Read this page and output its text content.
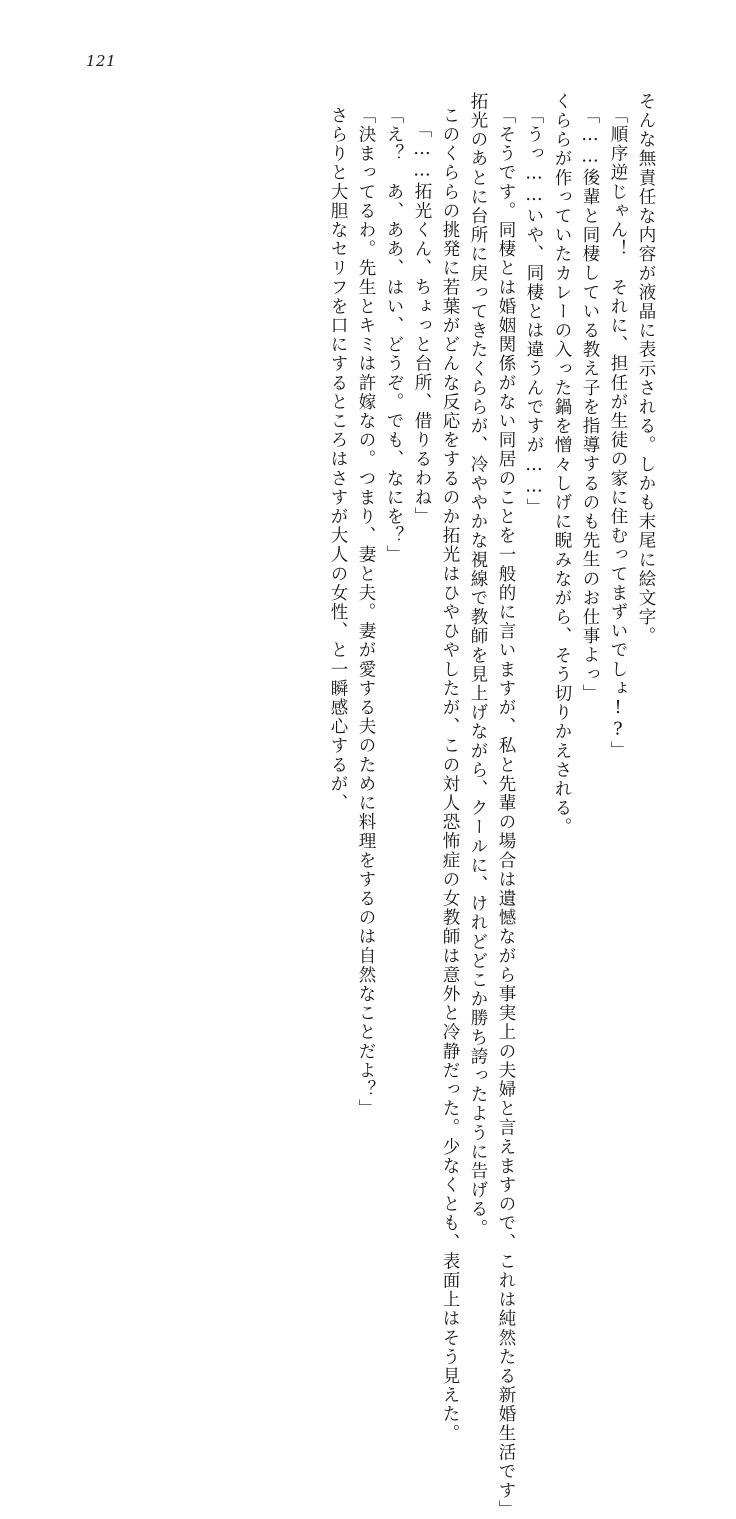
121
そんな無責任な内容が液晶に表示される。しかも末尾に絵文字。
「順序逆じゃん！　それに、担任が生徒の家に住むってまずいでしょ!?」
「……後輩と同棲している教え子を指導するのも先生のお仕事よっ」
くららが作っていたカレーの入った鍋を憎々しげに睨みながら、そう切りかえされる。
「うっ……いや、同棲とは違うんですが……」
「そうです。同棲とは婚姻関係がない同居のことを一般的に言いますが、私と先輩の場合は遺憾ながら事実上の夫婦と言えますので、これは純然たる新婚生活です」
拓光のあとに台所に戻ってきたくららが、冷ややかな視線で教師を見上げながら、クールに、けれどどこか勝ち誇ったように告げる。
このくららの挑発に若葉がどんな反応をするのか拓光はひやひやしたが、この対人恐怖症の女教師は意外と冷静だった。少なくとも、表面上はそう見えた。
「……拓光くん、ちょっと台所、借りるわね」
「え？　あ、ああ、はい、どうぞ。でも、なにを？」
「決まってるわ。先生とキミは許嫁なの。つまり、妻と夫。妻が愛する夫のために料理をするのは自然なことだよ？」
さらりと大胆なセリフを口にするところはさすが大人の女性、と一瞬感心するが、
